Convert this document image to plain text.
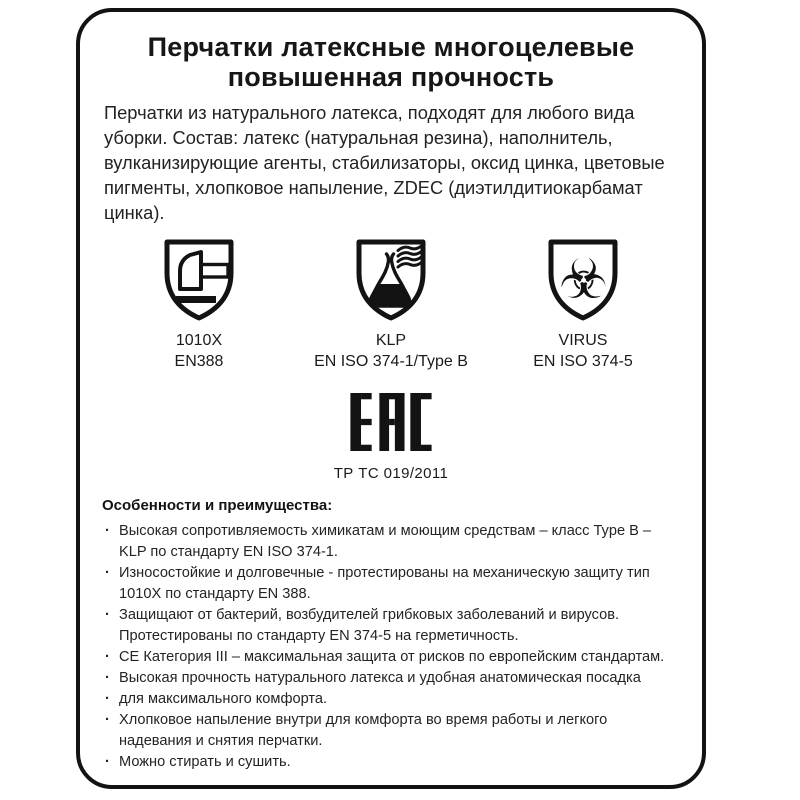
Перчатки латексные многоцелевые
повышенная прочность

Перчатки из натурального латекса, подходят для любого вида уборки. Состав: латекс (натуральная резина), наполнитель, вулканизирующие агенты, стабилизаторы, оксид цинка, цветовые пигменты, хлопковое напыление, ZDEC (диэтилдитиокарбамат цинка).

1010X
EN388
KLP
EN ISO 374-1/Type B
☣
VIRUS
EN ISO 374-5
ТР ТС 019/2011
Особенности и преимущества:
· Высокая сопротивляемость химикатам и моющим средствам – класс Type B – KLP по стандарту EN ISO 374-1.
· Износостойкие и долговечные - протестированы на механическую защиту тип 1010X по стандарту EN 388.
· Защищают от бактерий, возбудителей грибковых заболеваний и вирусов. Протестированы по стандарту EN 374-5 на герметичность.
· CE Категория III – максимальная защита от рисков по европейским стандартам.
· Высокая прочность натурального латекса и удобная анатомическая посадка
· для максимального комфорта.
· Хлопковое напыление внутри для комфорта во время работы и легкого надевания и снятия перчатки.
· Можно стирать и сушить.
